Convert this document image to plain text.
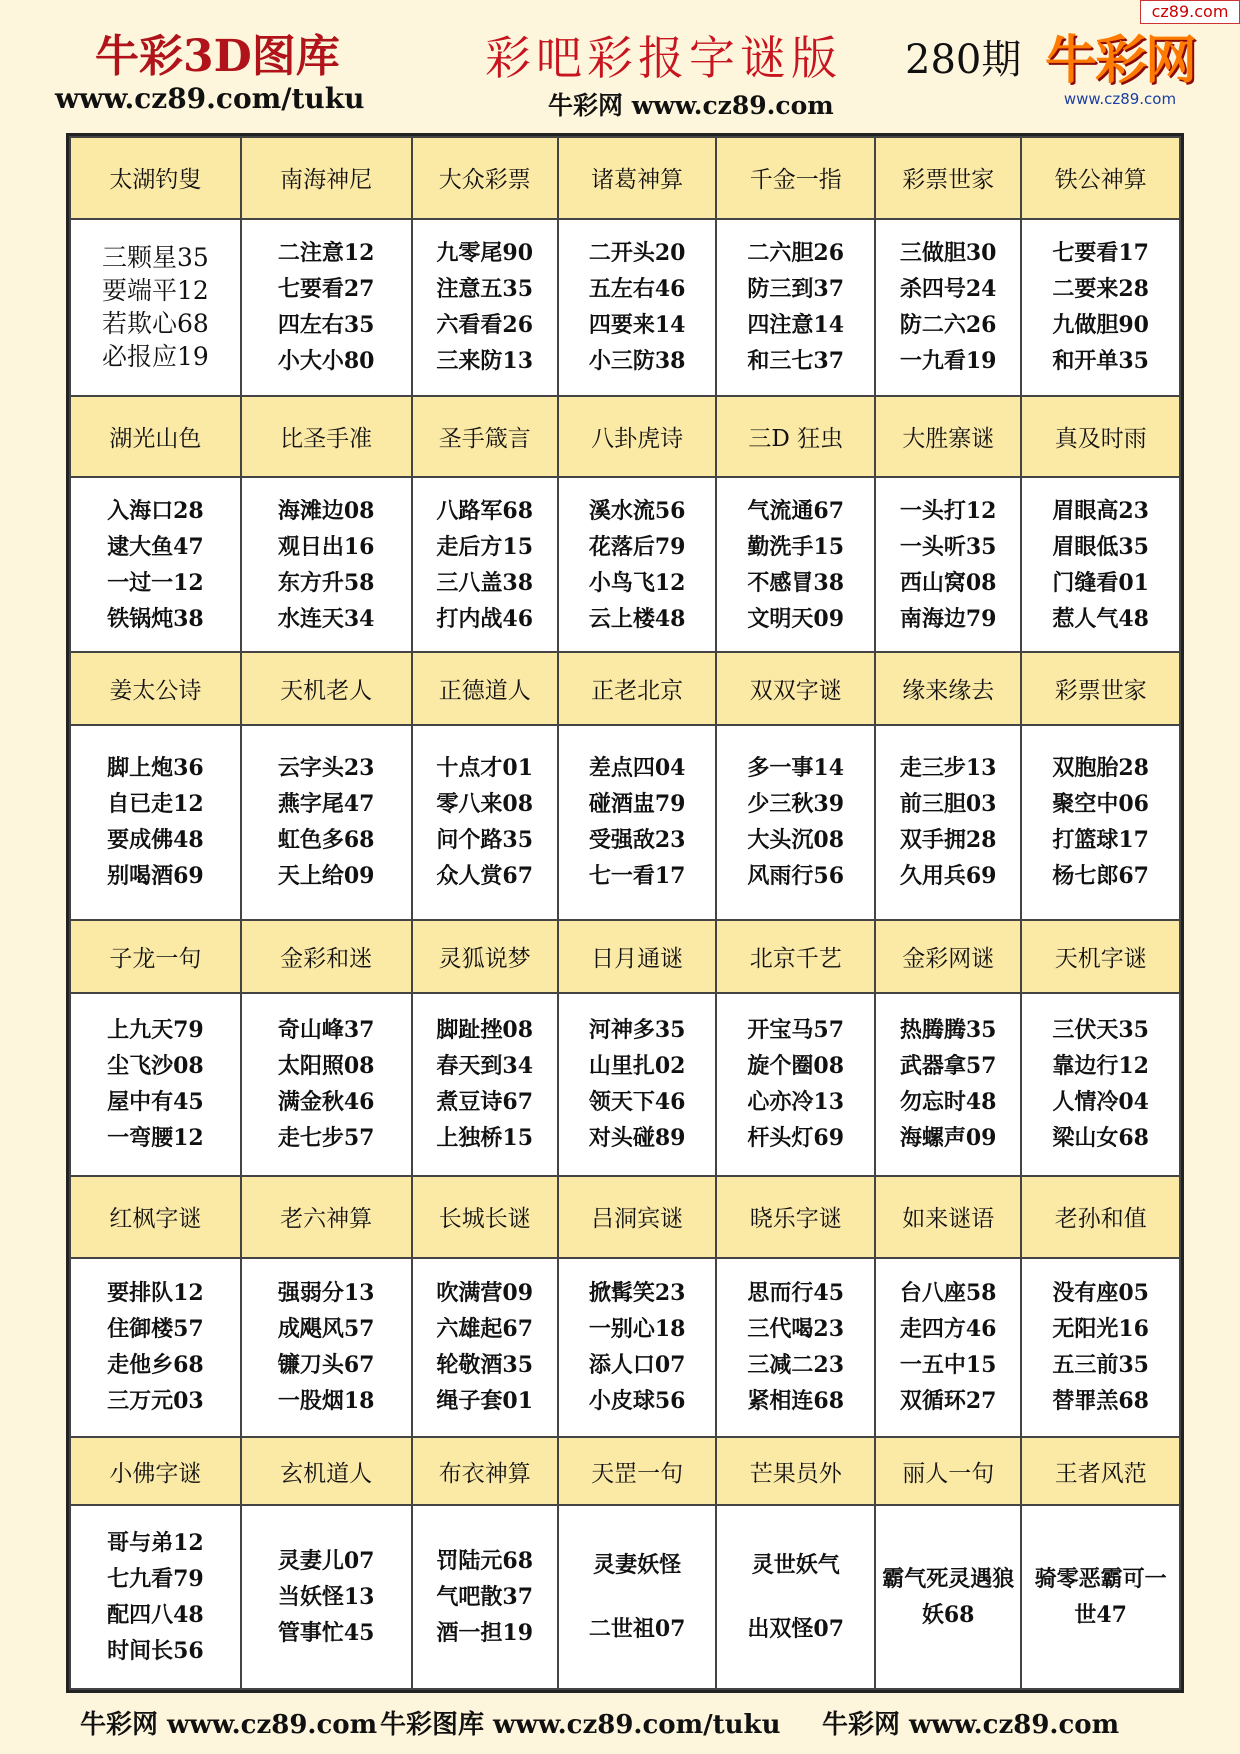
牛彩3D图库
www.cz89.com/tuku
彩吧彩报字谜版 280期
牛彩网 www.cz89.com
牛彩网
www.cz89.com
cz89.com
太湖钓叟	南海神尼	大众彩票	诸葛神算	千金一指	彩票世家	铁公神算

三颗星35
要端平12
若欺心68
必报应19	二注意12
七要看27
四左右35
小大小80	九零尾90
注意五35
六看看26
三来防13	二开头20
五左右46
四要来14
小三防38	二六胆26
防三到37
四注意14
和三七37	三做胆30
杀四号24
防二六26
一九看19	七要看17
二要来28
九做胆90
和开单35

湖光山色	比圣手准	圣手箴言	八卦虎诗	三D 狂虫	大胜寨谜	真及时雨

入海口28
逮大鱼47
一过一12
铁锅炖38	海滩边08
观日出16
东方升58
水连天34	八路军68
走后方15
三八盖38
打内战46	溪水流56
花落后79
小鸟飞12
云上楼48	气流通67
勤洗手15
不感冒38
文明天09	一头打12
一头听35
西山窝08
南海边79	眉眼高23
眉眼低35
门缝看01
惹人气48

姜太公诗	天机老人	正德道人	正老北京	双双字谜	缘来缘去	彩票世家

脚上炮36
自已走12
要成佛48
别喝酒69	云字头23
燕字尾47
虹色多68
天上给09	十点才01
零八来08
问个路35
众人赏67	差点四04
碰酒盅79
受强敌23
七一看17	多一事14
少三秋39
大头沉08
风雨行56	走三步13
前三胆03
双手拥28
久用兵69	双胞胎28
聚空中06
打篮球17
杨七郎67

子龙一句	金彩和迷	灵狐说梦	日月通谜	北京千艺	金彩网谜	天机字谜

上九天79
尘飞沙08
屋中有45
一弯腰12	奇山峰37
太阳照08
满金秋46
走七步57	脚趾挫08
春天到34
煮豆诗67
上独桥15	河神多35
山里扎02
领天下46
对头碰89	开宝马57
旋个圈08
心亦冷13
杆头灯69	热腾腾35
武器拿57
勿忘时48
海螺声09	三伏天35
靠边行12
人情冷04
梁山女68

红枫字谜	老六神算	长城长谜	吕洞宾谜	晓乐字谜	如来谜语	老孙和值

要排队12
住御楼57
走他乡68
三万元03	强弱分13
成飓风57
镰刀头67
一股烟18	吹满营09
六雄起67
轮敬酒35
绳子套01	掀髯笑23
一别心18
添人口07
小皮球56	思而行45
三代喝23
三减二23
紧相连68	台八座58
走四方46
一五中15
双循环27	没有座05
无阳光16
五三前35
替罪羔68

小佛字谜	玄机道人	布衣神算	天罡一句	芒果员外	丽人一句	王者风范

哥与弟12
七九看79
配四八48
时间长56	灵妻儿07
当妖怪13
管事忙45	罚陆元68
气吧散37
酒一担19	灵妻妖怪
二世祖07	灵世妖气
出双怪07	霸气死灵遇狼
妖68	骑零恶霸可一
世47
牛彩网 www.cz89.com 牛彩图库 www.cz89.com/tuku 牛彩网 www.cz89.com
